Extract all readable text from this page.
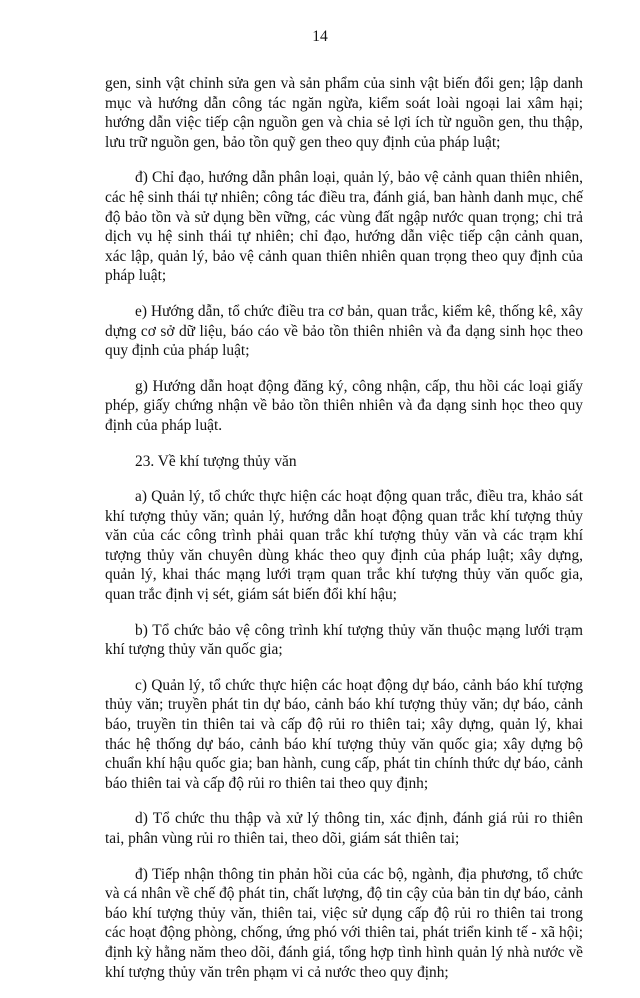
14

gen, sinh vật chỉnh sửa gen và sản phẩm của sinh vật biến đổi gen; lập danh mục và hướng dẫn công tác ngăn ngừa, kiểm soát loài ngoại lai xâm hại; hướng dẫn việc tiếp cận nguồn gen và chia sẻ lợi ích từ nguồn gen, thu thập, lưu trữ nguồn gen, bảo tồn quỹ gen theo quy định của pháp luật;

đ) Chỉ đạo, hướng dẫn phân loại, quản lý, bảo vệ cảnh quan thiên nhiên, các hệ sinh thái tự nhiên; công tác điều tra, đánh giá, ban hành danh mục, chế độ bảo tồn và sử dụng bền vững, các vùng đất ngập nước quan trọng; chi trả dịch vụ hệ sinh thái tự nhiên; chỉ đạo, hướng dẫn việc tiếp cận cảnh quan, xác lập, quản lý, bảo vệ cảnh quan thiên nhiên quan trọng theo quy định của pháp luật;

e) Hướng dẫn, tổ chức điều tra cơ bản, quan trắc, kiểm kê, thống kê, xây dựng cơ sở dữ liệu, báo cáo về bảo tồn thiên nhiên và đa dạng sinh học theo quy định của pháp luật;

g) Hướng dẫn hoạt động đăng ký, công nhận, cấp, thu hồi các loại giấy phép, giấy chứng nhận về bảo tồn thiên nhiên và đa dạng sinh học theo quy định của pháp luật.

23. Về khí tượng thủy văn

a) Quản lý, tổ chức thực hiện các hoạt động quan trắc, điều tra, khảo sát khí tượng thủy văn; quản lý, hướng dẫn hoạt động quan trắc khí tượng thủy văn của các công trình phải quan trắc khí tượng thủy văn và các trạm khí tượng thủy văn chuyên dùng khác theo quy định của pháp luật; xây dựng, quản lý, khai thác mạng lưới trạm quan trắc khí tượng thủy văn quốc gia, quan trắc định vị sét, giám sát biến đổi khí hậu;

b) Tổ chức bảo vệ công trình khí tượng thủy văn thuộc mạng lưới trạm khí tượng thủy văn quốc gia;

c) Quản lý, tổ chức thực hiện các hoạt động dự báo, cảnh báo khí tượng thủy văn; truyền phát tin dự báo, cảnh báo khí tượng thủy văn; dự báo, cảnh báo, truyền tin thiên tai và cấp độ rủi ro thiên tai; xây dựng, quản lý, khai thác hệ thống dự báo, cảnh báo khí tượng thủy văn quốc gia; xây dựng bộ chuẩn khí hậu quốc gia; ban hành, cung cấp, phát tin chính thức dự báo, cảnh báo thiên tai và cấp độ rủi ro thiên tai theo quy định;

d) Tổ chức thu thập và xử lý thông tin, xác định, đánh giá rủi ro thiên tai, phân vùng rủi ro thiên tai, theo dõi, giám sát thiên tai;

đ) Tiếp nhận thông tin phản hồi của các bộ, ngành, địa phương, tổ chức và cá nhân về chế độ phát tin, chất lượng, độ tin cậy của bản tin dự báo, cảnh báo khí tượng thủy văn, thiên tai, việc sử dụng cấp độ rủi ro thiên tai trong các hoạt động phòng, chống, ứng phó với thiên tai, phát triển kinh tế - xã hội; định kỳ hằng năm theo dõi, đánh giá, tổng hợp tình hình quản lý nhà nước về khí tượng thủy văn trên phạm vi cả nước theo quy định;
